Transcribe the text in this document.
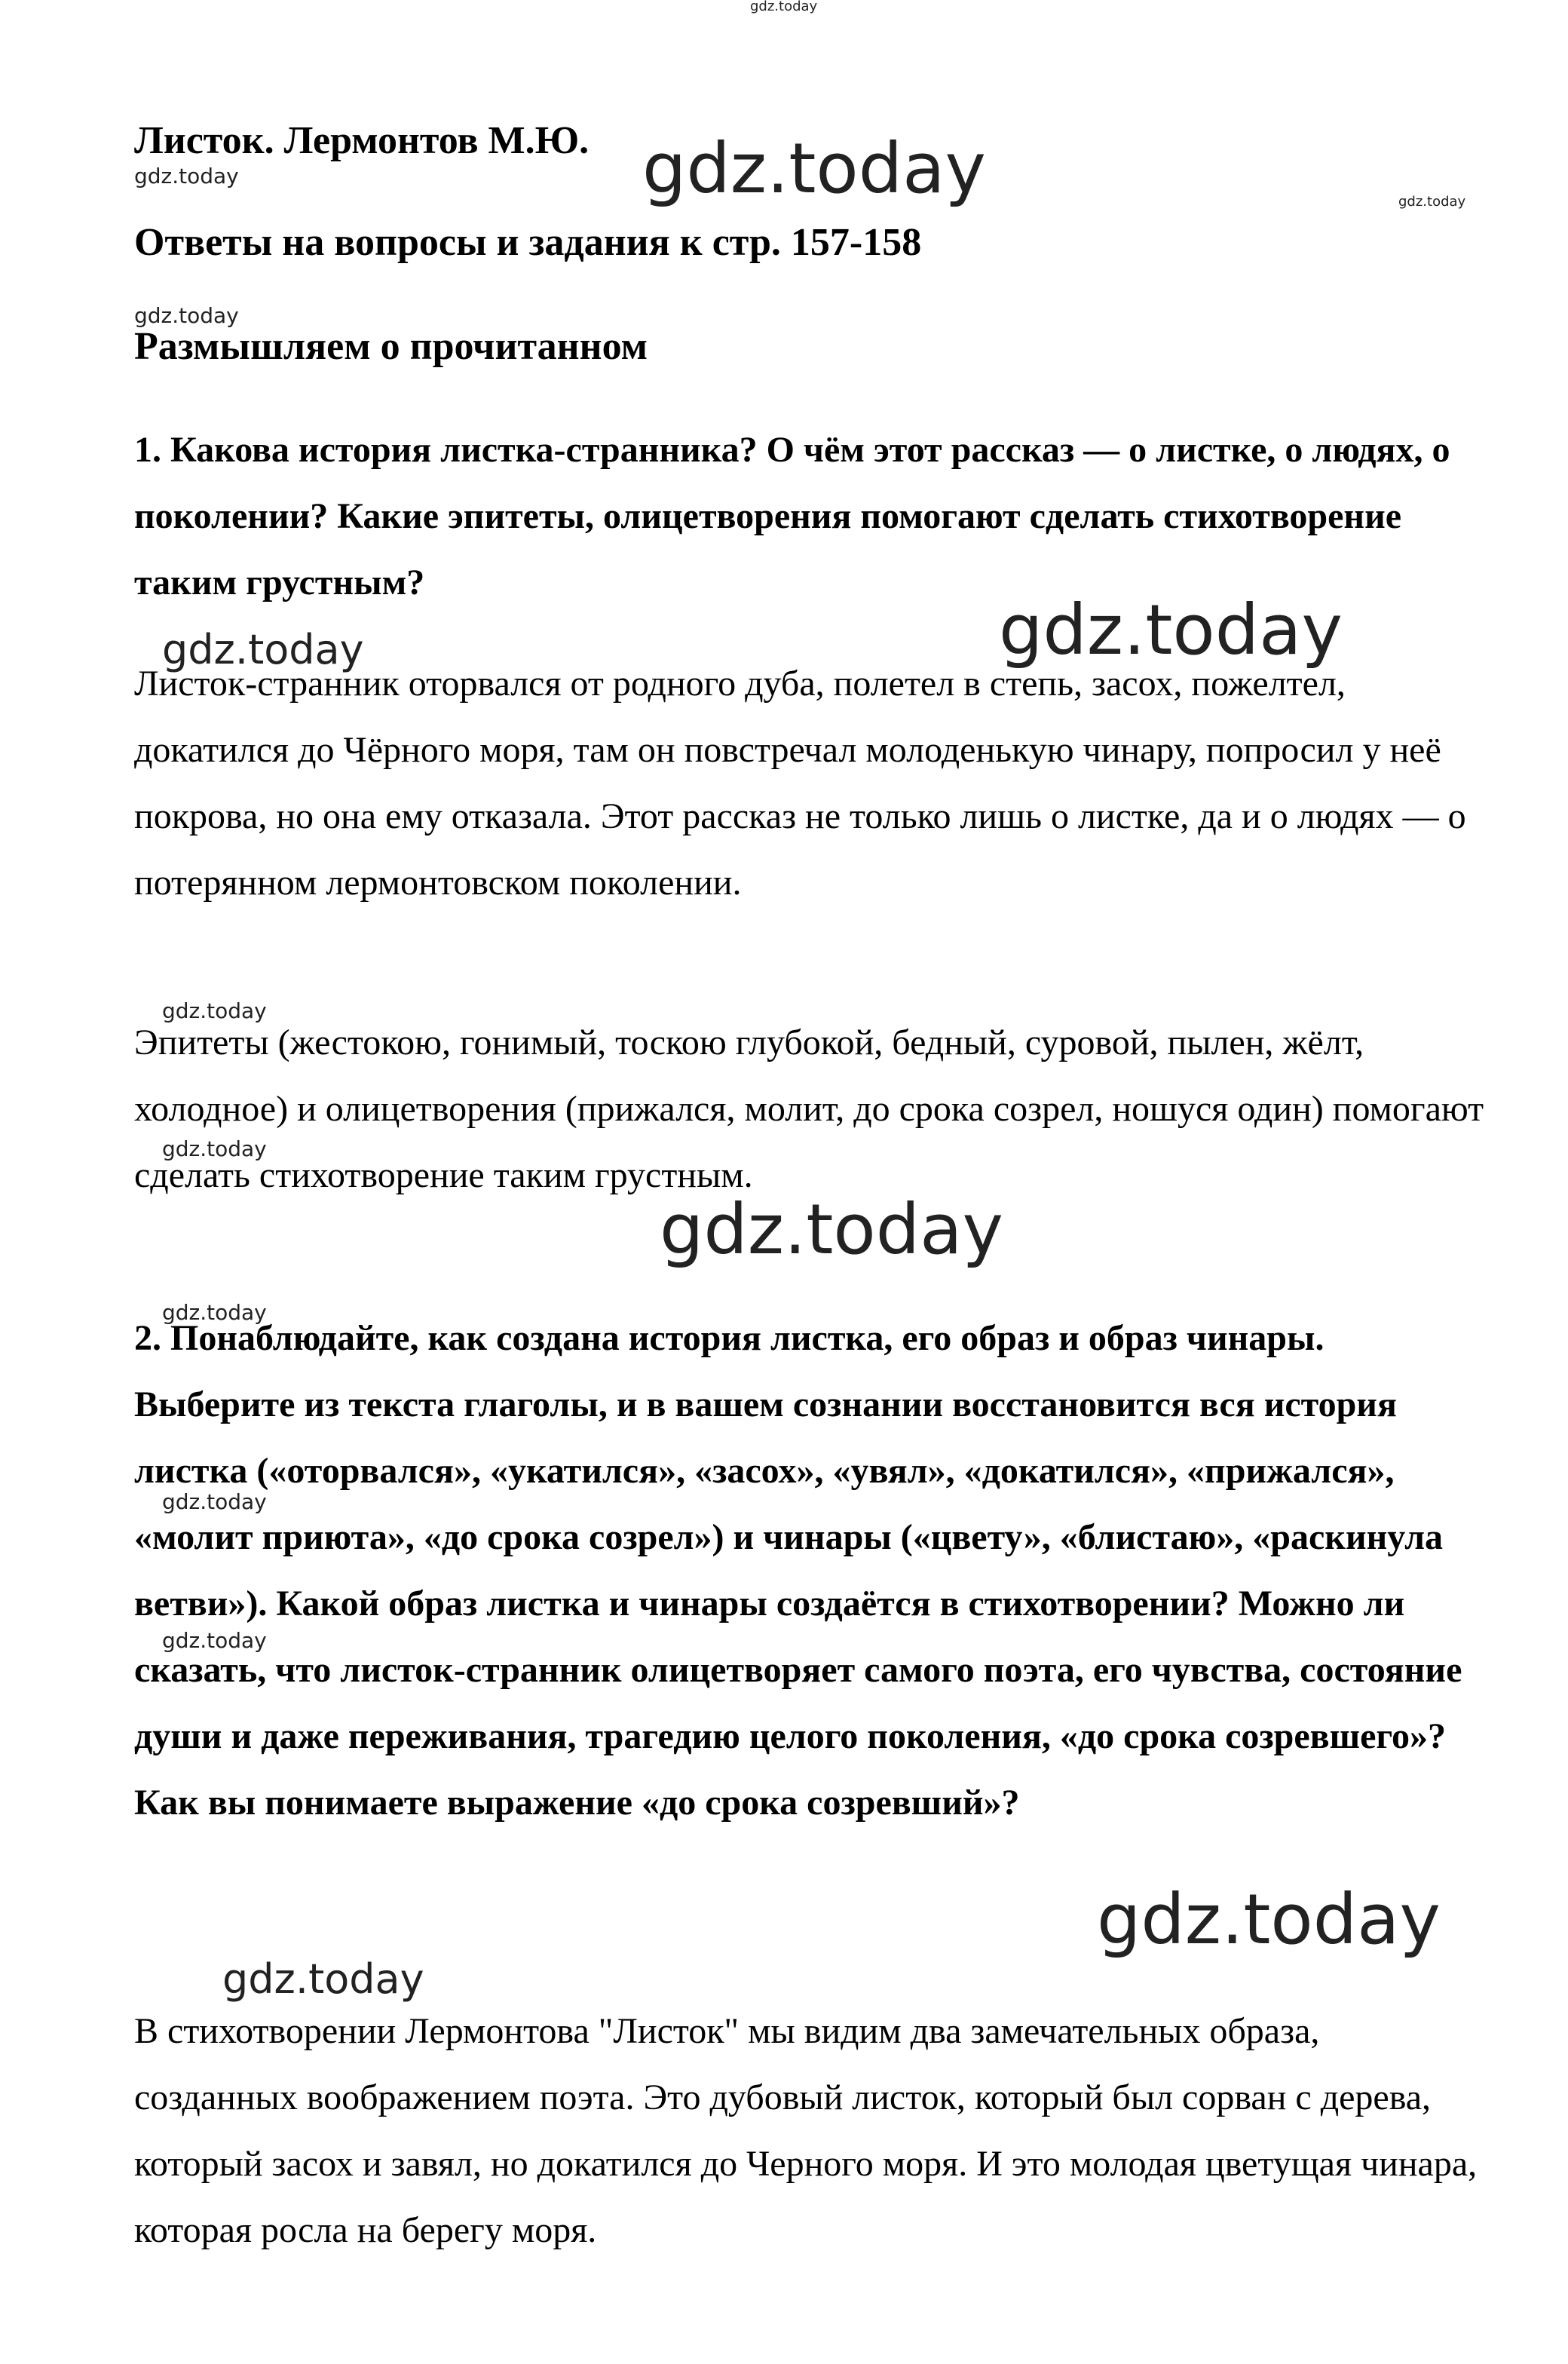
gdz.today
gdz.today	gdz.today	gdz.today
gdz.today
gdz.today	gdz.today
gdz.today
gdz.today
gdz.today
gdz.today
gdz.today
gdz.today
gdz.today
gdz.today
Листок. Лермонтов М.Ю.
Ответы на вопросы и задания к стр. 157-158
Размышляем о прочитанном

1. Какова история листка-странника? О чём этот рассказ — о листке, о людях, о поколении? Какие эпитеты, олицетворения помогают сделать стихотворение таким грустным?

Листок-странник оторвался от родного дуба, полетел в степь, засох, пожелтел, докатился до Чёрного моря, там он повстречал молоденькую чинару, попросил у неё покрова, но она ему отказала. Этот рассказ не только лишь о листке, да и о людях — о потерянном лермонтовском поколении.

Эпитеты (жестокою, гонимый, тоскою глубокой, бедный, суровой, пылен, жёлт, холодное) и олицетворения (прижался, молит, до срока созрел, ношуся один) помогают сделать стихотворение таким грустным.

2. Понаблюдайте, как создана история листка, его образ и образ чинары. Выберите из текста глаголы, и в вашем сознании восстановится вся история листка («оторвался», «укатился», «засох», «увял», «докатился», «прижался», «молит приюта», «до срока созрел») и чинары («цвету», «блистаю», «раскинула ветви»). Какой образ листка и чинары создаётся в стихотворении? Можно ли сказать, что листок-странник олицетворяет самого поэта, его чувства, состояние души и даже переживания, трагедию целого поколения, «до срока созревшего»? Как вы понимаете выражение «до срока созревший»?

В стихотворении Лермонтова "Листок" мы видим два замечательных образа, созданных воображением поэта. Это дубовый листок, который был сорван с дерева, который засох и завял, но докатился до Черного моря. И это молодая цветущая чинара, которая росла на берегу моря.
